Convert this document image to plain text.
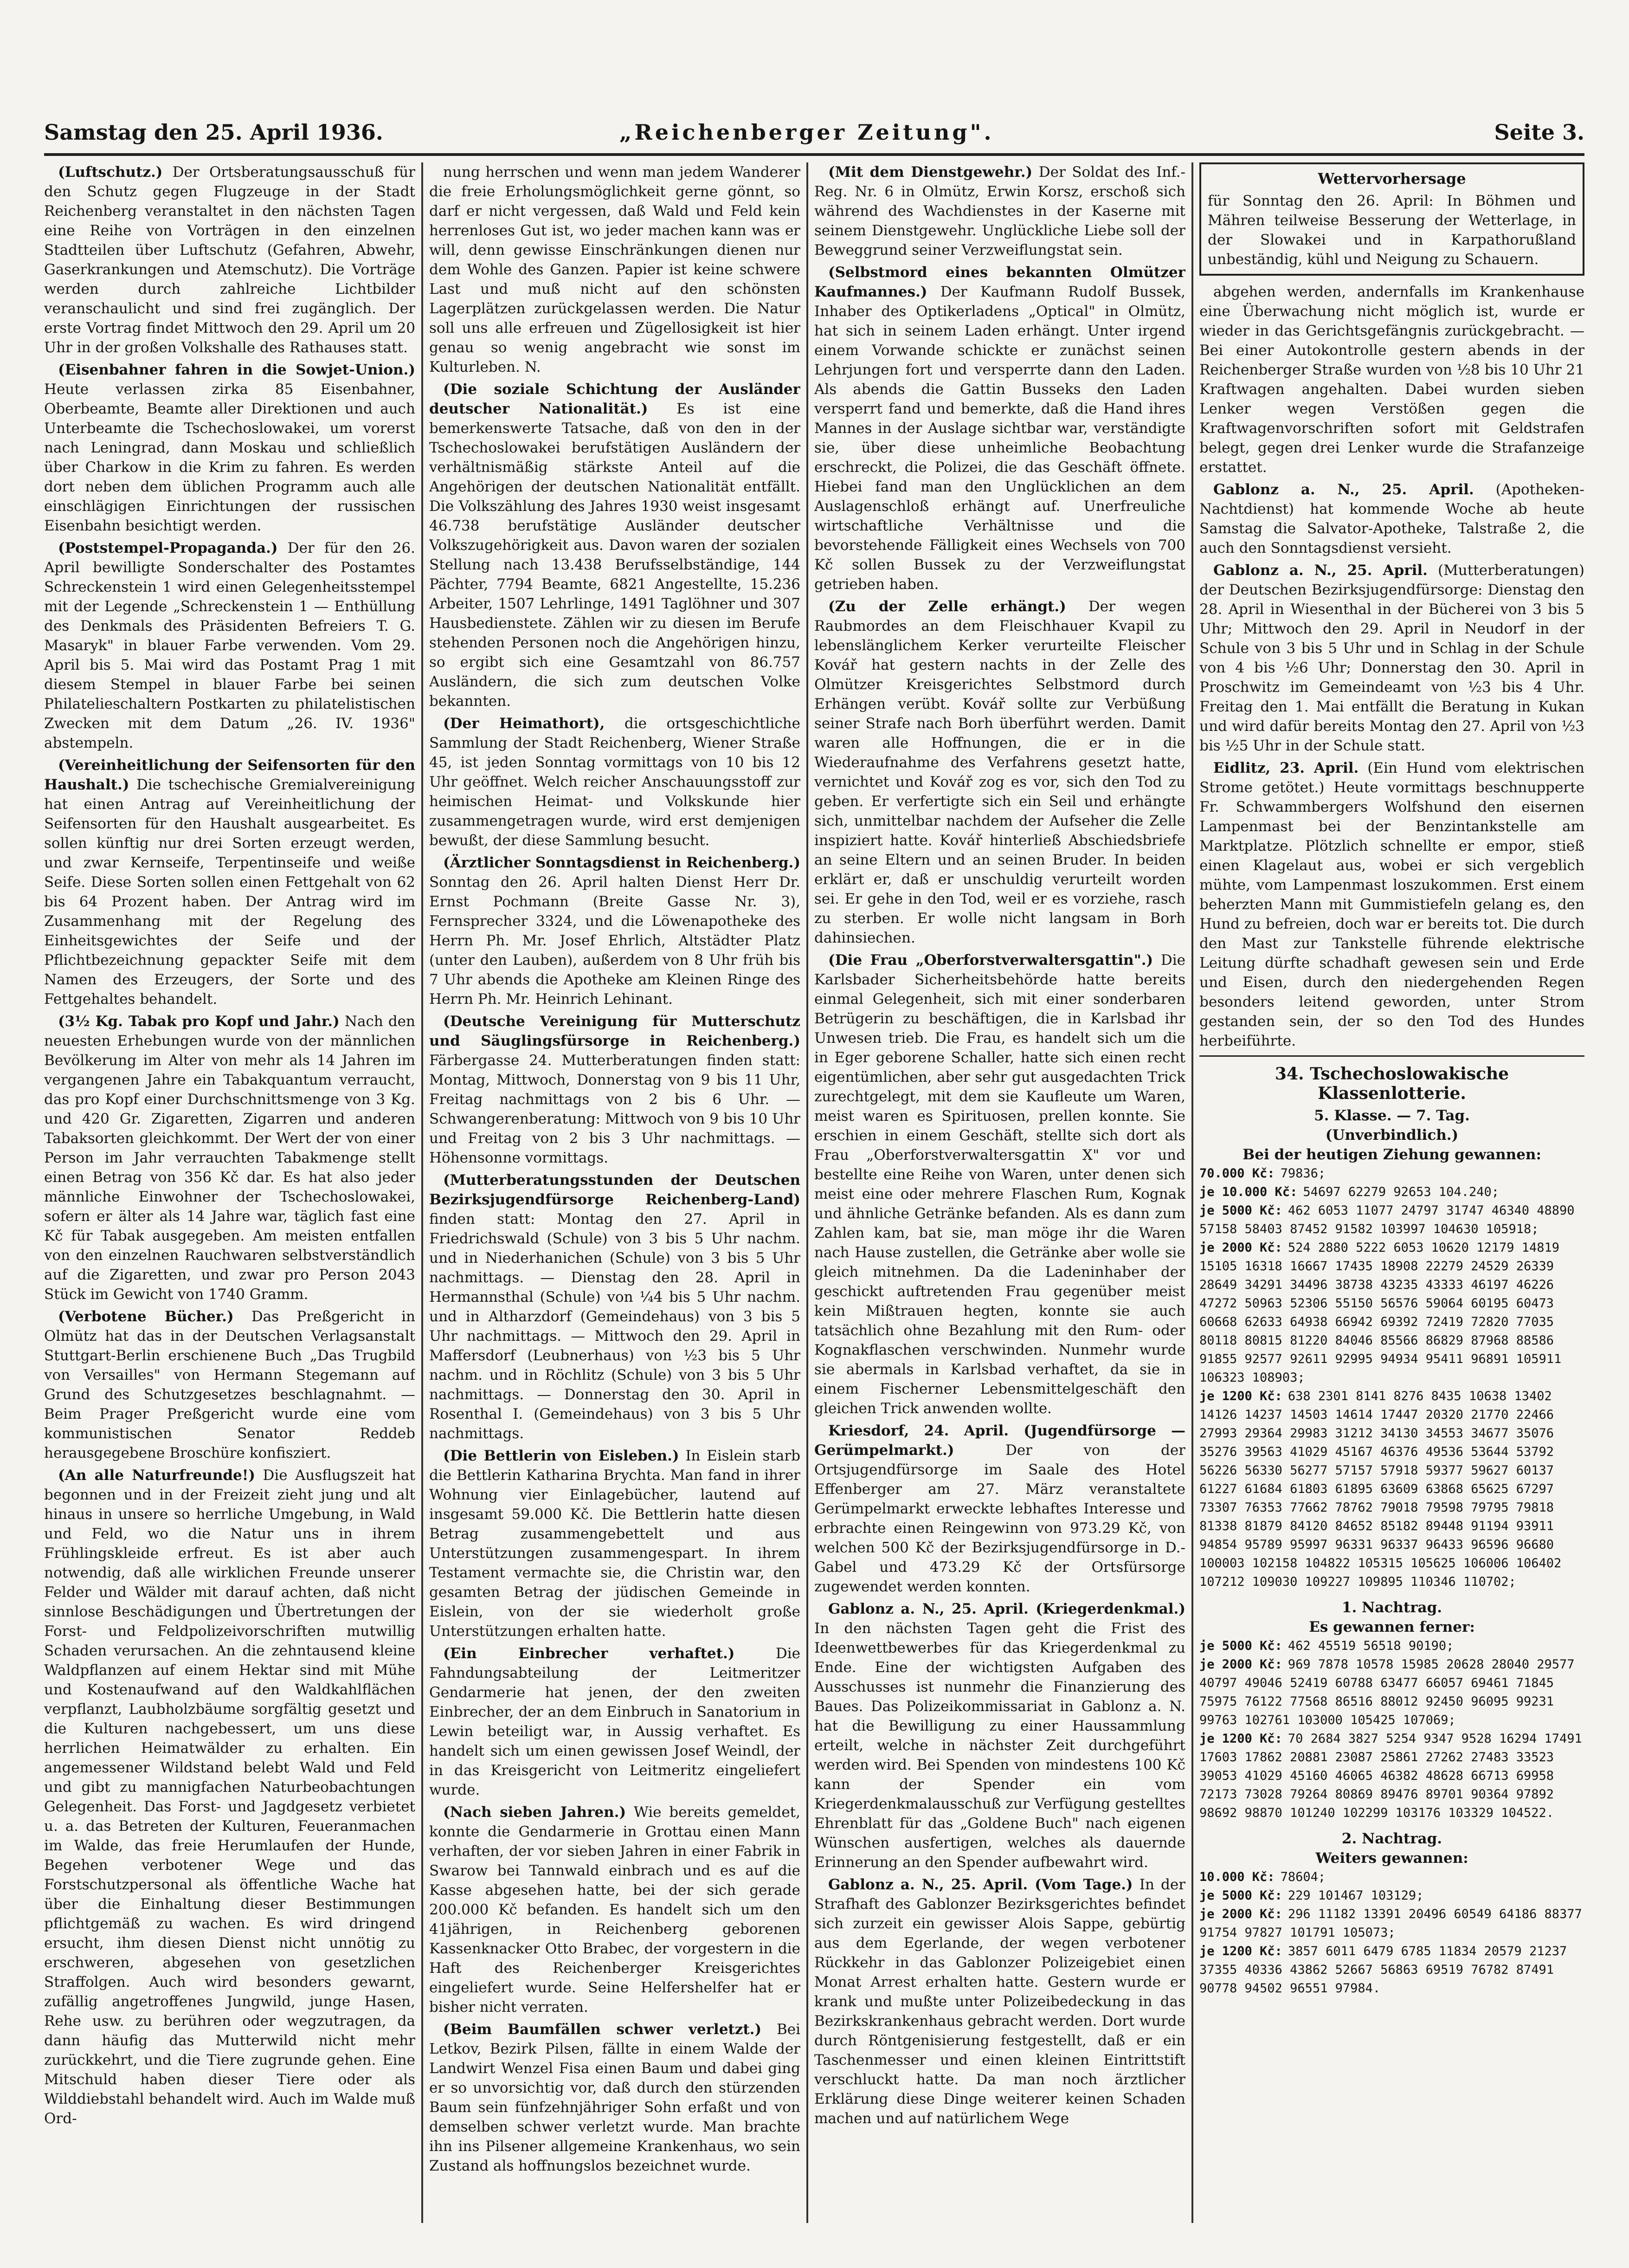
Samstag den 25. April 1936.	„Reichenberger Zeitung".	Seite 3.

(Luftschutz.) Der Ortsberatungsausschuß für den Schutz gegen Flugzeuge in der Stadt Reichenberg veranstaltet in den nächsten Tagen eine Reihe von Vorträgen in den einzelnen Stadtteilen über Luftschutz (Gefahren, Abwehr, Gaserkrankungen und Atemschutz). Die Vorträge werden durch zahlreiche Lichtbilder veranschaulicht und sind frei zugänglich. Der erste Vortrag findet Mittwoch den 29. April um 20 Uhr in der großen Volkshalle des Rathauses statt.

(Eisenbahner fahren in die Sowjet-Union.) Heute verlassen zirka 85 Eisenbahner, Oberbeamte, Beamte aller Direktionen und auch Unterbeamte die Tschechoslowakei, um vorerst nach Leningrad, dann Moskau und schließlich über Charkow in die Krim zu fahren. Es werden dort neben dem üblichen Programm auch alle einschlägigen Einrichtungen der russischen Eisenbahn besichtigt werden.

(Poststempel-Propaganda.) Der für den 26. April bewilligte Sonderschalter des Postamtes Schreckenstein 1 wird einen Gelegenheitsstempel mit der Legende „Schreckenstein 1 — Enthüllung des Denkmals des Präsidenten Befreiers T. G. Masaryk" in blauer Farbe verwenden. Vom 29. April bis 5. Mai wird das Postamt Prag 1 mit diesem Stempel in blauer Farbe bei seinen Philatelieschaltern Postkarten zu philatelistischen Zwecken mit dem Datum „26. IV. 1936" abstempeln.

(Vereinheitlichung der Seifensorten für den Haushalt.) Die tschechische Gremialvereinigung hat einen Antrag auf Vereinheitlichung der Seifensorten für den Haushalt ausgearbeitet. Es sollen künftig nur drei Sorten erzeugt werden, und zwar Kernseife, Terpentinseife und weiße Seife. Diese Sorten sollen einen Fettgehalt von 62 bis 64 Prozent haben. Der Antrag wird im Zusammenhang mit der Regelung des Einheitsgewichtes der Seife und der Pflichtbezeichnung gepackter Seife mit dem Namen des Erzeugers, der Sorte und des Fettgehaltes behandelt.

(3½ Kg. Tabak pro Kopf und Jahr.) Nach den neuesten Erhebungen wurde von der männlichen Bevölkerung im Alter von mehr als 14 Jahren im vergangenen Jahre ein Tabakquantum verraucht, das pro Kopf einer Durchschnittsmenge von 3 Kg. und 420 Gr. Zigaretten, Zigarren und anderen Tabaksorten gleichkommt. Der Wert der von einer Person im Jahr verrauchten Tabakmenge stellt einen Betrag von 356 Kč dar. Es hat also jeder männliche Einwohner der Tschechoslowakei, sofern er älter als 14 Jahre war, täglich fast eine Kč für Tabak ausgegeben. Am meisten entfallen von den einzelnen Rauchwaren selbstverständlich auf die Zigaretten, und zwar pro Person 2043 Stück im Gewicht von 1740 Gramm.

(Verbotene Bücher.) Das Preßgericht in Olmütz hat das in der Deutschen Verlagsanstalt Stuttgart-Berlin erschienene Buch „Das Trugbild von Versailles" von Hermann Stegemann auf Grund des Schutzgesetzes beschlagnahmt. — Beim Prager Preßgericht wurde eine vom kommunistischen Senator Reddeb herausgegebene Broschüre konfisziert.

(An alle Naturfreunde!) Die Ausflugszeit hat begonnen und in der Freizeit zieht jung und alt hinaus in unsere so herrliche Umgebung, in Wald und Feld, wo die Natur uns in ihrem Frühlingskleide erfreut. Es ist aber auch notwendig, daß alle wirklichen Freunde unserer Felder und Wälder mit darauf achten, daß nicht sinnlose Beschädigungen und Übertretungen der Forst- und Feldpolizeivorschriften mutwillig Schaden verursachen. An die zehntausend kleine Waldpflanzen auf einem Hektar sind mit Mühe und Kostenaufwand auf den Waldkahlflächen verpflanzt, Laubholzbäume sorgfältig gesetzt und die Kulturen nachgebessert, um uns diese herrlichen Heimatwälder zu erhalten. Ein angemessener Wildstand belebt Wald und Feld und gibt zu mannigfachen Naturbeobachtungen Gelegenheit. Das Forst- und Jagdgesetz verbietet u. a. das Betreten der Kulturen, Feueranmachen im Walde, das freie Herumlaufen der Hunde, Begehen verbotener Wege und das Forstschutzpersonal als öffentliche Wache hat über die Einhaltung dieser Bestimmungen pflichtgemäß zu wachen. Es wird dringend ersucht, ihm diesen Dienst nicht unnötig zu erschweren, abgesehen von gesetzlichen Straffolgen. Auch wird besonders gewarnt, zufällig angetroffenes Jungwild, junge Hasen, Rehe usw. zu berühren oder wegzutragen, da dann häufig das Mutterwild nicht mehr zurückkehrt, und die Tiere zugrunde gehen. Eine Mitschuld haben dieser Tiere oder als Wilddiebstahl behandelt wird. Auch im Walde muß Ord-

nung herrschen und wenn man jedem Wanderer die freie Erholungsmöglichkeit gerne gönnt, so darf er nicht vergessen, daß Wald und Feld kein herrenloses Gut ist, wo jeder machen kann was er will, denn gewisse Einschränkungen dienen nur dem Wohle des Ganzen. Papier ist keine schwere Last und muß nicht auf den schönsten Lagerplätzen zurückgelassen werden. Die Natur soll uns alle erfreuen und Zügellosigkeit ist hier genau so wenig angebracht wie sonst im Kulturleben. N.

(Die soziale Schichtung der Ausländer deutscher Nationalität.) Es ist eine bemerkenswerte Tatsache, daß von den in der Tschechoslowakei berufstätigen Ausländern der verhältnismäßig stärkste Anteil auf die Angehörigen der deutschen Nationalität entfällt. Die Volkszählung des Jahres 1930 weist insgesamt 46.738 berufstätige Ausländer deutscher Volkszugehörigkeit aus. Davon waren der sozialen Stellung nach 13.438 Berufsselbständige, 144 Pächter, 7794 Beamte, 6821 Angestellte, 15.236 Arbeiter, 1507 Lehrlinge, 1491 Taglöhner und 307 Hausbedienstete. Zählen wir zu diesen im Berufe stehenden Personen noch die Angehörigen hinzu, so ergibt sich eine Gesamtzahl von 86.757 Ausländern, die sich zum deutschen Volke bekannten.

(Der Heimathort), die ortsgeschichtliche Sammlung der Stadt Reichenberg, Wiener Straße 45, ist jeden Sonntag vormittags von 10 bis 12 Uhr geöffnet. Welch reicher Anschauungsstoff zur heimischen Heimat- und Volkskunde hier zusammengetragen wurde, wird erst demjenigen bewußt, der diese Sammlung besucht.

(Ärztlicher Sonntagsdienst in Reichenberg.) Sonntag den 26. April halten Dienst Herr Dr. Ernst Pochmann (Breite Gasse Nr. 3), Fernsprecher 3324, und die Löwenapotheke des Herrn Ph. Mr. Josef Ehrlich, Altstädter Platz (unter den Lauben), außerdem von 8 Uhr früh bis 7 Uhr abends die Apotheke am Kleinen Ringe des Herrn Ph. Mr. Heinrich Lehinant.

(Deutsche Vereinigung für Mutterschutz und Säuglingsfürsorge in Reichenberg.) Färbergasse 24. Mutterberatungen finden statt: Montag, Mittwoch, Donnerstag von 9 bis 11 Uhr, Freitag nachmittags von 2 bis 6 Uhr. — Schwangerenberatung: Mittwoch von 9 bis 10 Uhr und Freitag von 2 bis 3 Uhr nachmittags. — Höhensonne vormittags.

(Mutterberatungsstunden der Deutschen Bezirksjugendfürsorge Reichenberg-Land) finden statt: Montag den 27. April in Friedrichswald (Schule) von 3 bis 5 Uhr nachm. und in Niederhanichen (Schule) von 3 bis 5 Uhr nachmittags. — Dienstag den 28. April in Hermannsthal (Schule) von ¼4 bis 5 Uhr nachm. und in Altharzdorf (Gemeindehaus) von 3 bis 5 Uhr nachmittags. — Mittwoch den 29. April in Maffersdorf (Leubnerhaus) von ½3 bis 5 Uhr nachm. und in Röchlitz (Schule) von 3 bis 5 Uhr nachmittags. — Donnerstag den 30. April in Rosenthal I. (Gemeindehaus) von 3 bis 5 Uhr nachmittags.

(Die Bettlerin von Eisleben.) In Eislein starb die Bettlerin Katharina Brychta. Man fand in ihrer Wohnung vier Einlagebücher, lautend auf insgesamt 59.000 Kč. Die Bettlerin hatte diesen Betrag zusammengebettelt und aus Unterstützungen zusammengespart. In ihrem Testament vermachte sie, die Christin war, den gesamten Betrag der jüdischen Gemeinde in Eislein, von der sie wiederholt große Unterstützungen erhalten hatte.

(Ein Einbrecher verhaftet.)	Die Fahndungsabteilung der Leitmeritzer Gendarmerie hat jenen, der den zweiten Einbrecher, der an dem Einbruch in Sanatorium in Lewin beteiligt war, in Aussig verhaftet. Es handelt sich um einen gewissen Josef Weindl, der in das Kreisgericht von Leitmeritz eingeliefert wurde.

(Nach sieben Jahren.) Wie bereits gemeldet, konnte die Gendarmerie in Grottau einen Mann verhaften, der vor sieben Jahren in einer Fabrik in Swarow bei Tannwald einbrach und es auf die Kasse abgesehen hatte, bei der sich gerade 200.000 Kč befanden. Es handelt sich um den 41jährigen, in Reichenberg geborenen Kassenknacker Otto Brabec, der vorgestern in die Haft des Reichenberger Kreisgerichtes eingeliefert wurde. Seine Helfershelfer hat er bisher nicht verraten.

(Beim Baumfällen schwer verletzt.) Bei Letkov, Bezirk Pilsen, fällte in einem Walde der Landwirt Wenzel Fisa einen Baum und dabei ging er so unvorsichtig vor, daß durch den stürzenden Baum sein fünfzehnjähriger Sohn erfaßt und von demselben schwer verletzt wurde. Man brachte ihn ins Pilsener allgemeine Krankenhaus, wo sein Zustand als hoffnungslos bezeichnet wurde.

(Mit dem Dienstgewehr.) Der Soldat des Inf.-Reg. Nr. 6 in Olmütz, Erwin Korsz, erschoß sich während des Wachdienstes in der Kaserne mit seinem Dienstgewehr. Unglückliche Liebe soll der Beweggrund seiner Verzweiflungstat sein.

(Selbstmord eines bekannten Olmützer Kaufmannes.) Der Kaufmann Rudolf Bussek, Inhaber des Optikerladens „Optical" in Olmütz, hat sich in seinem Laden erhängt. Unter irgend einem Vorwande schickte er zunächst seinen Lehrjungen fort und versperrte dann den Laden. Als abends die Gattin Busseks den Laden versperrt fand und bemerkte, daß die Hand ihres Mannes in der Auslage sichtbar war, verständigte sie, über diese unheimliche Beobachtung erschreckt, die Polizei, die das Geschäft öffnete. Hiebei fand man den Unglücklichen an dem Auslagenschloß erhängt auf. Unerfreuliche wirtschaftliche Verhältnisse und die bevorstehende Fälligkeit eines Wechsels von 700 Kč sollen Bussek zu der Verzweiflungstat getrieben haben.

(Zu der Zelle erhängt.) Der wegen Raubmordes an dem Fleischhauer Kvapil zu lebenslänglichem Kerker verurteilte Fleischer Kovář hat gestern nachts in der Zelle des Olmützer Kreisgerichtes Selbstmord durch Erhängen verübt. Kovář sollte zur Verbüßung seiner Strafe nach Borh überführt werden. Damit waren alle Hoffnungen, die er in die Wiederaufnahme des Verfahrens gesetzt hatte, vernichtet und Kovář zog es vor, sich den Tod zu geben. Er verfertigte sich ein Seil und erhängte sich, unmittelbar nachdem der Aufseher die Zelle inspiziert hatte. Kovář hinterließ Abschiedsbriefe an seine Eltern und an seinen Bruder. In beiden erklärt er, daß er unschuldig verurteilt worden sei. Er gehe in den Tod, weil er es vorziehe, rasch zu sterben. Er wolle nicht langsam in Borh dahinsiechen.

(Die Frau „Oberforstverwaltersgattin".) Die Karlsbader Sicherheitsbehörde hatte bereits einmal Gelegenheit, sich mit einer sonderbaren Betrügerin zu beschäftigen, die in Karlsbad ihr Unwesen trieb. Die Frau, es handelt sich um die in Eger geborene Schaller, hatte sich einen recht eigentümlichen, aber sehr gut ausgedachten Trick zurechtgelegt, mit dem sie Kaufleute um Waren, meist waren es Spirituosen, prellen konnte. Sie erschien in einem Geschäft, stellte sich dort als Frau „Oberforstverwaltersgattin X" vor und bestellte eine Reihe von Waren, unter denen sich meist eine oder mehrere Flaschen Rum, Kognak und ähnliche Getränke befanden. Als es dann zum Zahlen kam, bat sie, man möge ihr die Waren nach Hause zustellen, die Getränke aber wolle sie gleich mitnehmen. Da die Ladeninhaber der geschickt auftretenden Frau gegenüber meist kein Mißtrauen hegten, konnte sie auch tatsächlich ohne Bezahlung mit den Rum- oder Kognakflaschen verschwinden. Nunmehr wurde sie abermals in Karlsbad verhaftet, da sie in einem Fischerner Lebensmittelgeschäft den gleichen Trick anwenden wollte.

Kriesdorf, 24. April. (Jugendfürsorge — Gerümpelmarkt.)	Der von der Ortsjugendfürsorge im Saale des Hotel Effenberger am 27. März veranstaltete Gerümpelmarkt erweckte lebhaftes Interesse und erbrachte einen Reingewinn von 973.29 Kč, von welchen 500 Kč der Bezirksjugendfürsorge in D.-Gabel und 473.29 Kč der Ortsfürsorge zugewendet werden konnten.

Gablonz a. N., 25. April. (Kriegerdenkmal.) In den nächsten Tagen geht die Frist des Ideenwettbewerbes für das Kriegerdenkmal zu Ende. Eine der wichtigsten Aufgaben des Ausschusses ist nunmehr die Finanzierung des Baues. Das Polizeikommissariat in Gablonz a. N. hat die Bewilligung zu einer Haussammlung erteilt, welche in nächster Zeit durchgeführt werden wird. Bei Spenden von mindestens 100 Kč kann der Spender ein vom Kriegerdenkmalausschuß zur Verfügung gestelltes Ehrenblatt für das „Goldene Buch" nach eigenen Wünschen ausfertigen, welches als dauernde Erinnerung an den Spender aufbewahrt wird.

Gablonz a. N., 25. April. (Vom Tage.) In der Strafhaft des Gablonzer Bezirksgerichtes befindet sich zurzeit ein gewisser Alois Sappe, gebürtig aus dem Egerlande, der wegen verbotener Rückkehr in das Gablonzer Polizeigebiet einen Monat Arrest erhalten hatte. Gestern wurde er krank und mußte unter Polizeibedeckung in das Bezirkskrankenhaus gebracht werden. Dort wurde durch Röntgenisierung festgestellt, daß er ein Taschenmesser und einen kleinen Eintrittstift verschluckt hatte. Da man noch ärztlicher Erklärung diese Dinge weiterer keinen Schaden machen und auf natürlichem Wege

Wettervorhersage
für Sonntag den 26. April: In Böhmen und Mähren teilweise Besserung der Wetterlage, in der Slowakei und in Karpathorußland unbeständig, kühl und Neigung zu Schauern.

abgehen werden, andernfalls im Krankenhause eine Überwachung nicht möglich ist, wurde er wieder in das Gerichtsgefängnis zurückgebracht. — Bei einer Autokontrolle gestern abends in der Reichenberger Straße wurden von ½8 bis 10 Uhr 21 Kraftwagen angehalten. Dabei wurden sieben Lenker wegen Verstößen gegen die Kraftwagenvorschriften sofort mit Geldstrafen belegt, gegen drei Lenker wurde die Strafanzeige erstattet.

Gablonz a. N., 25. April. (Apotheken-Nachtdienst) hat kommende Woche ab heute Samstag die Salvator-Apotheke, Talstraße 2, die auch den Sonntagsdienst versieht.

Gablonz a. N., 25. April. (Mutterberatungen) der Deutschen Bezirksjugendfürsorge: Dienstag den 28. April in Wiesenthal in der Bücherei von 3 bis 5 Uhr; Mittwoch den 29. April in Neudorf in der Schule von 3 bis 5 Uhr und in Schlag in der Schule von 4 bis ½6 Uhr; Donnerstag den 30. April in Proschwitz im Gemeindeamt von ½3 bis 4 Uhr. Freitag den 1. Mai entfällt die Beratung in Kukan und wird dafür bereits Montag den 27. April von ½3 bis ½5 Uhr in der Schule statt.

Eidlitz, 23. April. (Ein Hund vom elektrischen Strome getötet.) Heute vormittags beschnupperte Fr. Schwammbergers Wolfshund den eisernen Lampenmast bei der Benzintankstelle am Marktplatze. Plötzlich schnellte er empor, stieß einen Klagelaut aus, wobei er sich vergeblich mühte, vom Lampenmast loszukommen. Erst einem beherzten Mann mit Gummistiefeln gelang es, den Hund zu befreien, doch war er bereits tot. Die durch den Mast zur Tankstelle führende elektrische Leitung dürfte schadhaft gewesen sein und Erde und Eisen, durch den niedergehenden Regen besonders leitend geworden, unter Strom gestanden sein, der so den Tod des Hundes herbeiführte.

34. Tschechoslowakische Klassenlotterie.
5. Klasse. — 7. Tag.
(Unverbindlich.)
Bei der heutigen Ziehung gewannen:
70.000 Kč: 79836;
je 10.000 Kč: 54697 62279 92653 104.240;
je 5000 Kč: 462 6053 11077 24797 31747 46340 48890 57158 58403 87452 91582 103997 104630 105918;
je 2000 Kč: 524 2880 5222 6053 10620 12179 14819 15105 16318 16667 17435 18908 22279 24529 26339 28649 34291 34496 38738 43235 43333 46197 46226 47272 50963 52306 55150 56576 59064 60195 60473 60668 62633 64938 66942 69392 72419 72820 77035 80118 80815 81220 84046 85566 86829 87968 88586 91855 92577 92611 92995 94934 95411 96891 105911 106323 108903;
je 1200 Kč: 638 2301 8141 8276 8435 10638 13402 14126 14237 14503 14614 17447 20320 21770 22466 27993 29364 29983 31212 34130 34553 34677 35076 35276 39563 41029 45167 46376 49536 53644 53792 56226 56330 56277 57157 57918 59377 59627 60137 61227 61684 61803 61895 63609 63868 65625 67297 73307 76353 77662 78762 79018 79598 79795 79818 81338 81879 84120 84652 85182 89448 91194 93911 94854 95789 95997 96331 96337 96433 96596 96680 100003 102158 104822 105315 105625 106006 106402 107212 109030 109227 109895 110346 110702;
1. Nachtrag.
Es gewannen ferner:
je 5000 Kč: 462 45519 56518 90190;
je 2000 Kč: 969 7878 10578 15985 20628 28040 29577 40797 49046 52419 60788 63477 66057 69461 71845 75975 76122 77568 86516 88012 92450 96095 99231 99763 102761 103000 105425 107069;
je 1200 Kč: 70 2684 3827 5254 9347 9528 16294 17491 17603 17862 20881 23087 25861 27262 27483 33523 39053 41029 45160 46065 46382 48628 66713 69958 72173 73028 79264 80869 89476 89701 90364 97892 98692 98870 101240 102299 103176 103329 104522.
2. Nachtrag.
Weiters gewannen:
10.000 Kč: 78604;
je 5000 Kč: 229 101467 103129;
je 2000 Kč: 296 11182 13391 20496 60549 64186 88377 91754 97827 101791 105073;
je 1200 Kč: 3857 6011 6479 6785 11834 20579 21237 37355 40336 43862 52667 56863 69519 76782 87491 90778 94502 96551 97984.
